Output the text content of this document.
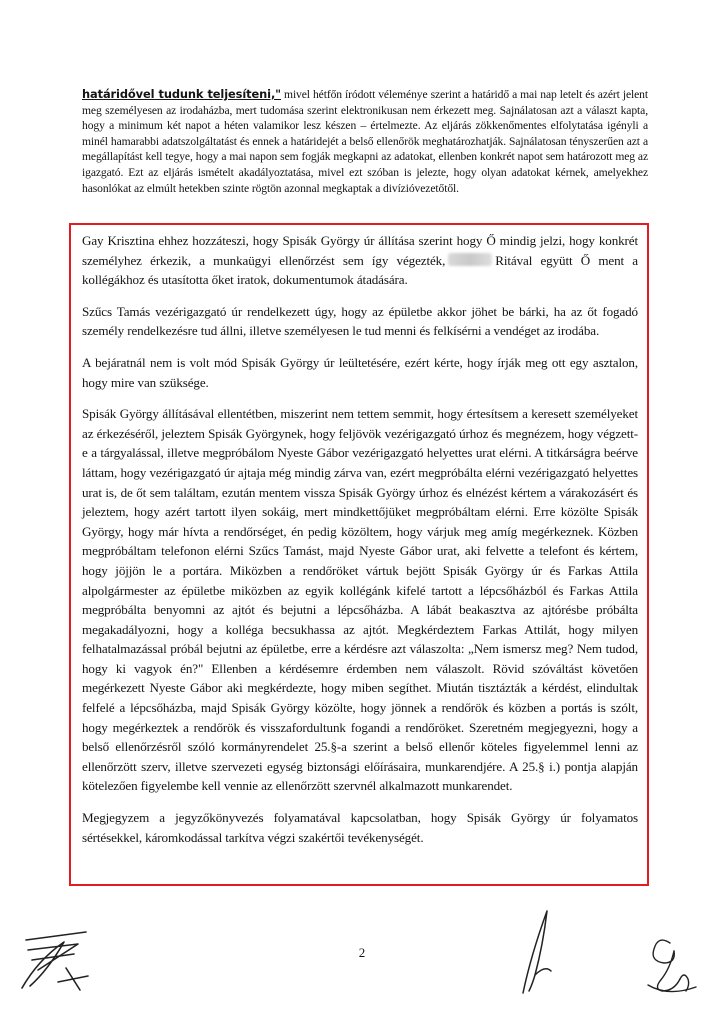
határidővel tudunk teljesíteni," mivel hétfőn íródott véleménye szerint a határidő a mai nap letelt és azért jelent meg személyesen az irodaházba, mert tudomása szerint elektronikusan nem érkezett meg. Sajnálatosan azt a választ kapta, hogy a minimum két napot a héten valamikor lesz készen – értelmezte. Az eljárás zökkenőmentes elfolytatása igényli a minél hamarabbi adatszolgáltatást és ennek a határidejét a belső ellenőrök meghatározhatják. Sajnálatosan tényszerűen azt a megállapítást kell tegye, hogy a mai napon sem fogják megkapni az adatokat, ellenben konkrét napot sem határozott meg az igazgató. Ezt az eljárás ismételt akadályoztatása, mivel ezt szóban is jelezte, hogy olyan adatokat kérnek, amelyekhez hasonlókat az elmúlt hetekben szinte rögtön azonnal megkaptak a divízióvezetőtől.

Gay Krisztina ehhez hozzáteszi, hogy Spisák György úr állítása szerint hogy Ő mindig jelzi, hogy konkrét személyhez érkezik, a munkaügyi ellenőrzést sem így végezték,	Ritával együtt Ő ment a kollégákhoz és utasította őket iratok, dokumentumok átadására.

Szűcs Tamás vezérigazgató úr rendelkezett úgy, hogy az épületbe akkor jöhet be bárki, ha az őt fogadó személy rendelkezésre tud állni, illetve személyesen le tud menni és felkísérni a vendéget az irodába.

A bejáratnál nem is volt mód Spisák György úr leültetésére, ezért kérte, hogy írják meg ott egy asztalon, hogy mire van szüksége.

Spisák György állításával ellentétben, miszerint nem tettem semmit, hogy értesítsem a keresett személyeket az érkezéséről, jeleztem Spisák Györgynek, hogy feljövök vezérigazgató úrhoz és megnézem, hogy végzett-e a tárgyalással, illetve megpróbálom Nyeste Gábor vezérigazgató helyettes urat elérni. A titkárságra beérve láttam, hogy vezérigazgató úr ajtaja még mindig zárva van, ezért megpróbálta elérni vezérigazgató helyettes urat is, de őt sem találtam, ezután mentem vissza Spisák György úrhoz és elnézést kértem a várakozásért és jeleztem, hogy azért tartott ilyen sokáig, mert mindkettőjüket megpróbáltam elérni. Erre közölte Spisák György, hogy már hívta a rendőrséget, én pedig közöltem, hogy várjuk meg amíg megérkeznek. Közben megpróbáltam telefonon elérni Szűcs Tamást, majd Nyeste Gábor urat, aki felvette a telefont és kértem, hogy jöjjön le a portára. Miközben a rendőröket vártuk bejött Spisák György úr és Farkas Attila alpolgármester az épületbe miközben az egyik kollégánk kifelé tartott a lépcsőházból és Farkas Attila megpróbálta benyomni az ajtót és bejutni a lépcsőházba. A lábát beakasztva az ajtórésbe próbálta megakadályozni, hogy a kolléga becsukhassa az ajtót. Megkérdeztem Farkas Attilát, hogy milyen felhatalmazással próbál bejutni az épületbe, erre a kérdésre azt válaszolta: „Nem ismersz meg? Nem tudod, hogy ki vagyok én?" Ellenben a kérdésemre érdemben nem válaszolt. Rövid szóváltást követően megérkezett Nyeste Gábor aki megkérdezte, hogy miben segíthet. Miután tisztázták a kérdést, elindultak felfelé a lépcsőházba, majd Spisák György közölte, hogy jönnek a rendőrök és közben a portás is szólt, hogy megérkeztek a rendőrök és visszafordultunk fogandi a rendőröket. Szeretném megjegyezni, hogy a belső ellenőrzésről szóló kormányrendelet 25.§-a szerint a belső ellenőr köteles figyelemmel lenni az ellenőrzött szerv, illetve szervezeti egység biztonsági előírásaira, munkarendjére. A 25.§ i.) pontja alapján kötelezően figyelembe kell vennie az ellenőrzött szervnél alkalmazott munkarendet.

Megjegyzem a jegyzőkönyvezés folyamatával kapcsolatban, hogy Spisák György úr folyamatos sértésekkel, káromkodással tarkítva végzi szakértői tevékenységét.

2
